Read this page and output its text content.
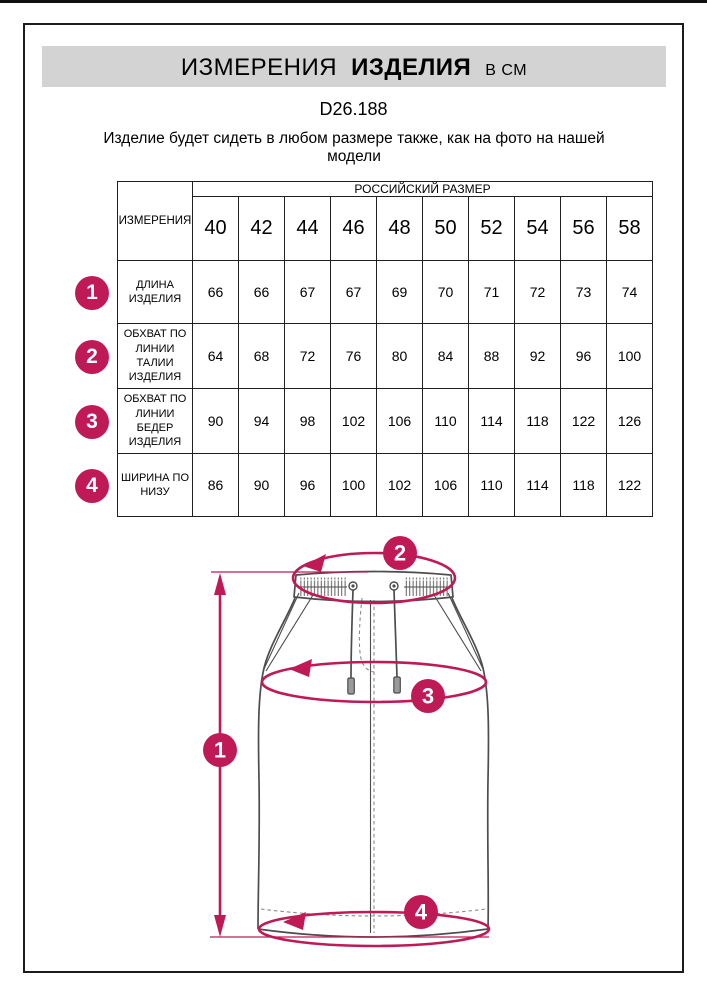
ИЗМЕРЕНИЯ ИЗДЕЛИЯ В СМ
D26.188
Изделие будет сидеть в любом размере также, как на фото на нашей модели
ИЗМЕРЕНИЯ	РОССИЙСКИЙ РАЗМЕР									
	40	42	44	46	48	50	52	54	56	58
ДЛИНА ИЗДЕЛИЯ	66	66	67	67	69	70	71	72	73	74
ОБХВАТ ПО ЛИНИИ ТАЛИИ ИЗДЕЛИЯ	64	68	72	76	80	84	88	92	96	100
ОБХВАТ ПО ЛИНИИ БЕДЕР ИЗДЕЛИЯ	90	94	98	102	106	110	114	118	122	126
ШИРИНА ПО НИЗУ	86	90	96	100	102	106	110	114	118	122
1
2
3
4
1
2
3
4
